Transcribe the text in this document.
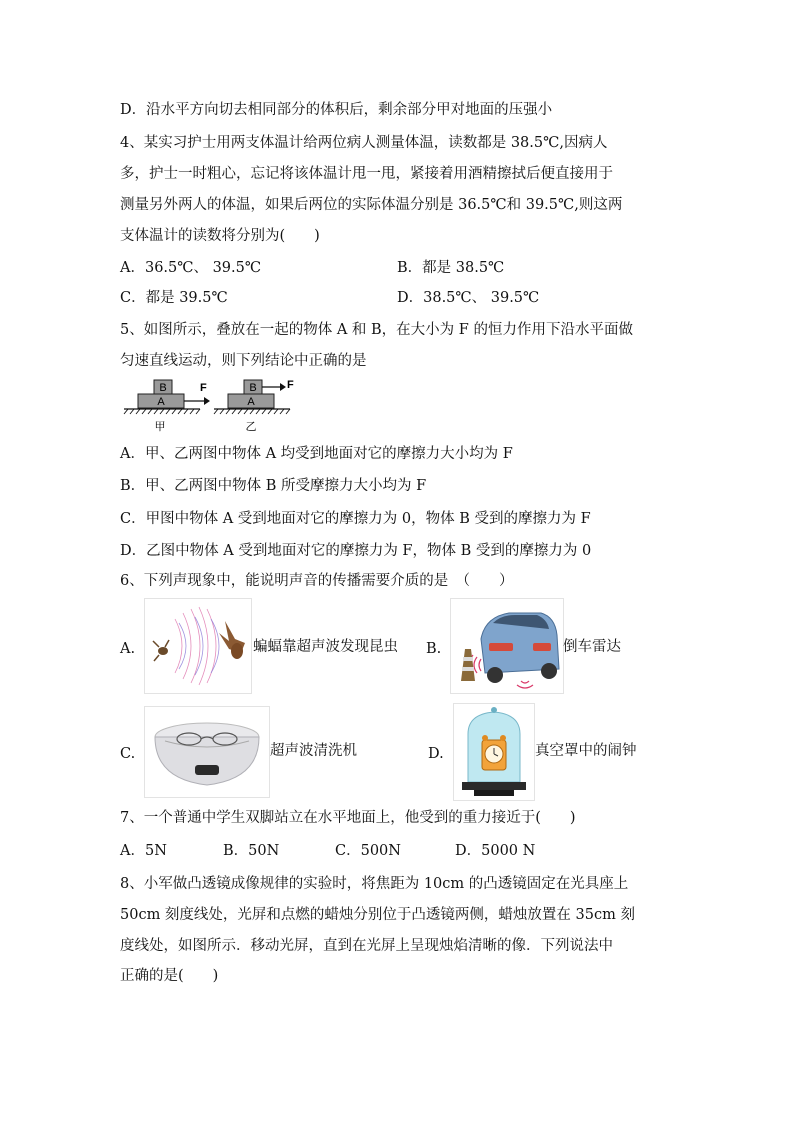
D．沿水平方向切去相同部分的体积后，剩余部分甲对地面的压强小
4、某实习护士用两支体温计给两位病人测量体温，读数都是 38.5℃,因病人
多，护士一时粗心，忘记将该体温计甩一甩，紧接着用酒精擦拭后便直接用于
测量另外两人的体温，如果后两位的实际体温分别是 36.5℃和 39.5℃,则这两
支体温计的读数将分别为(　　)
A．36.5℃、 39.5℃	B．都是 38.5℃
C．都是 39.5℃	D．38.5℃、 39.5℃
5、如图所示，叠放在一起的物体 A 和 B，在大小为 F 的恒力作用下沿水平面做
匀速直线运动，则下列结论中正确的是
B
A
F
甲
B
A
F
乙
A．甲、乙两图中物体 A 均受到地面对它的摩擦力大小均为 F
B．甲、乙两图中物体 B 所受摩擦力大小均为 F
C．甲图中物体 A 受到地面对它的摩擦力为 0，物体 B 受到的摩擦力为 F
D．乙图中物体 A 受到地面对它的摩擦力为 F，物体 B 受到的摩擦力为 0
6、下列声现象中，能说明声音的传播需要介质的是　（　　）
A.	蝙蝠靠超声波发现昆虫 B.	倒车雷达
C.	超声波清洗机	D.	真空罩中的闹钟
7、一个普通中学生双脚站立在水平地面上，他受到的重力接近于(　　)
A．5N	B．50N	C．500N	D．5000 N
8、小军做凸透镜成像规律的实验时，将焦距为 10cm 的凸透镜固定在光具座上
50cm 刻度线处，光屏和点燃的蜡烛分别位于凸透镜两侧，蜡烛放置在 35cm 刻
度线处，如图所示．移动光屏，直到在光屏上呈现烛焰清晰的像．下列说法中
正确的是(　　)
